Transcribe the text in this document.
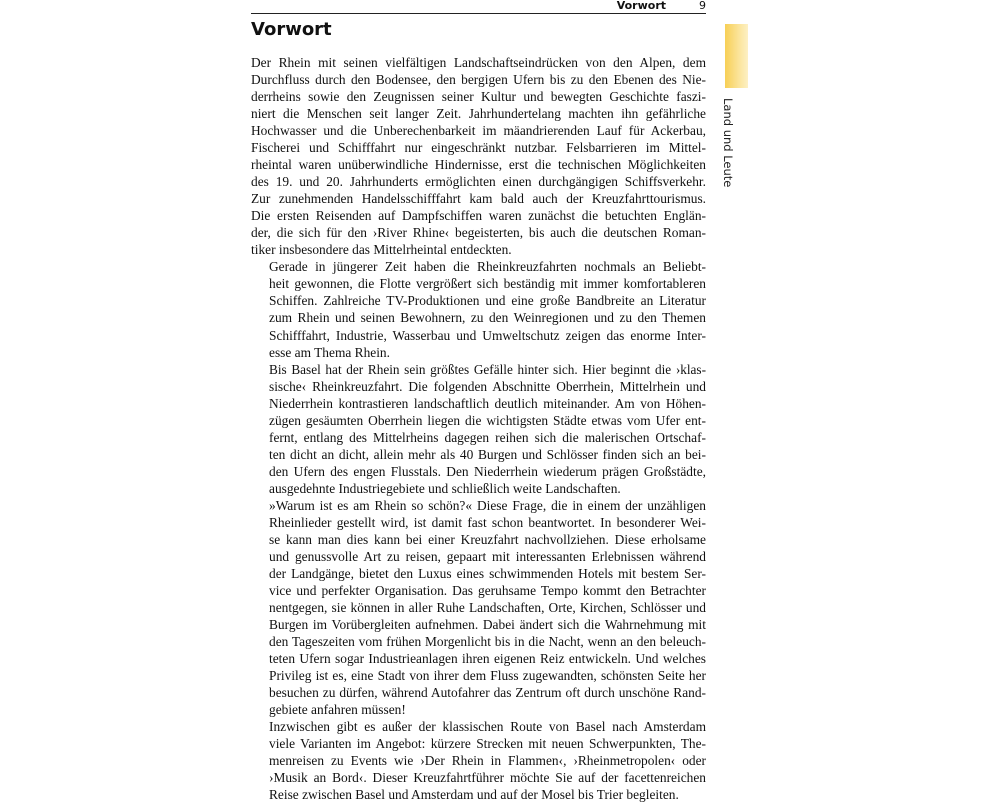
Vorwort	9
Vorwort

Der Rhein mit seinen vielfältigen Landschaftseindrücken von den Alpen, dem
Durchfluss durch den Bodensee, den bergigen Ufern bis zu den Ebenen des Nie-
derrheins sowie den Zeugnissen seiner Kultur und bewegten Geschichte faszi-
niert die Menschen seit langer Zeit. Jahrhundertelang machten ihn gefährliche
Hochwasser und die Unberechenbarkeit im mäandrierenden Lauf für Ackerbau,
Fischerei und Schifffahrt nur eingeschränkt nutzbar. Felsbarrieren im Mittel-
rheintal waren unüberwindliche Hindernisse, erst die technischen Möglichkeiten
des 19. und 20. Jahrhunderts ermöglichten einen durchgängigen Schiffsverkehr.
Zur zunehmenden Handelsschifffahrt kam bald auch der Kreuzfahrttourismus.
Die ersten Reisenden auf Dampfschiffen waren zunächst die betuchten Englän-
der, die sich für den ›River Rhine‹ begeisterten, bis auch die deutschen Roman-
tiker insbesondere das Mittelrheintal entdeckten.

Gerade in jüngerer Zeit haben die Rheinkreuzfahrten nochmals an Beliebt-
heit gewonnen, die Flotte vergrößert sich beständig mit immer komfortableren
Schiffen. Zahlreiche TV-Produktionen und eine große Bandbreite an Literatur
zum Rhein und seinen Bewohnern, zu den Weinregionen und zu den Themen
Schifffahrt, Industrie, Wasserbau und Umweltschutz zeigen das enorme Inter-
esse am Thema Rhein.

Bis Basel hat der Rhein sein größtes Gefälle hinter sich. Hier beginnt die ›klas-
sische‹ Rheinkreuzfahrt. Die folgenden Abschnitte Oberrhein, Mittelrhein und
Niederrhein kontrastieren landschaftlich deutlich miteinander. Am von Höhen-
zügen gesäumten Oberrhein liegen die wichtigsten Städte etwas vom Ufer ent-
fernt, entlang des Mittelrheins dagegen reihen sich die malerischen Ortschaf-
ten dicht an dicht, allein mehr als 40 Burgen und Schlösser finden sich an bei-
den Ufern des engen Flusstals. Den Niederrhein wiederum prägen Großstädte,
ausgedehnte Industriegebiete und schließlich weite Landschaften.

»Warum ist es am Rhein so schön?« Diese Frage, die in einem der unzähligen
Rheinlieder gestellt wird, ist damit fast schon beantwortet. In besonderer Wei-
se kann man dies kann bei einer Kreuzfahrt nachvollziehen. Diese erholsame
und genussvolle Art zu reisen, gepaart mit interessanten Erlebnissen während
der Landgänge, bietet den Luxus eines schwimmenden Hotels mit bestem Ser-
vice und perfekter Organisation. Das geruhsame Tempo kommt den Betrachter
nentgegen, sie können in aller Ruhe Landschaften, Orte, Kirchen, Schlösser und
Burgen im Vorübergleiten aufnehmen. Dabei ändert sich die Wahrnehmung mit
den Tageszeiten vom frühen Morgenlicht bis in die Nacht, wenn an den beleuch-
teten Ufern sogar Industrieanlagen ihren eigenen Reiz entwickeln. Und welches
Privileg ist es, eine Stadt von ihrer dem Fluss zugewandten, schönsten Seite her
besuchen zu dürfen, während Autofahrer das Zentrum oft durch unschöne Rand-
gebiete anfahren müssen!

Inzwischen gibt es außer der klassischen Route von Basel nach Amsterdam
viele Varianten im Angebot: kürzere Strecken mit neuen Schwerpunkten, The-
menreisen zu Events wie ›Der Rhein in Flammen‹, ›Rheinmetropolen‹ oder
›Musik an Bord‹. Dieser Kreuzfahrtführer möchte Sie auf der facettenreichen
Reise zwischen Basel und Amsterdam und auf der Mosel bis Trier begleiten.

Land und Leute
